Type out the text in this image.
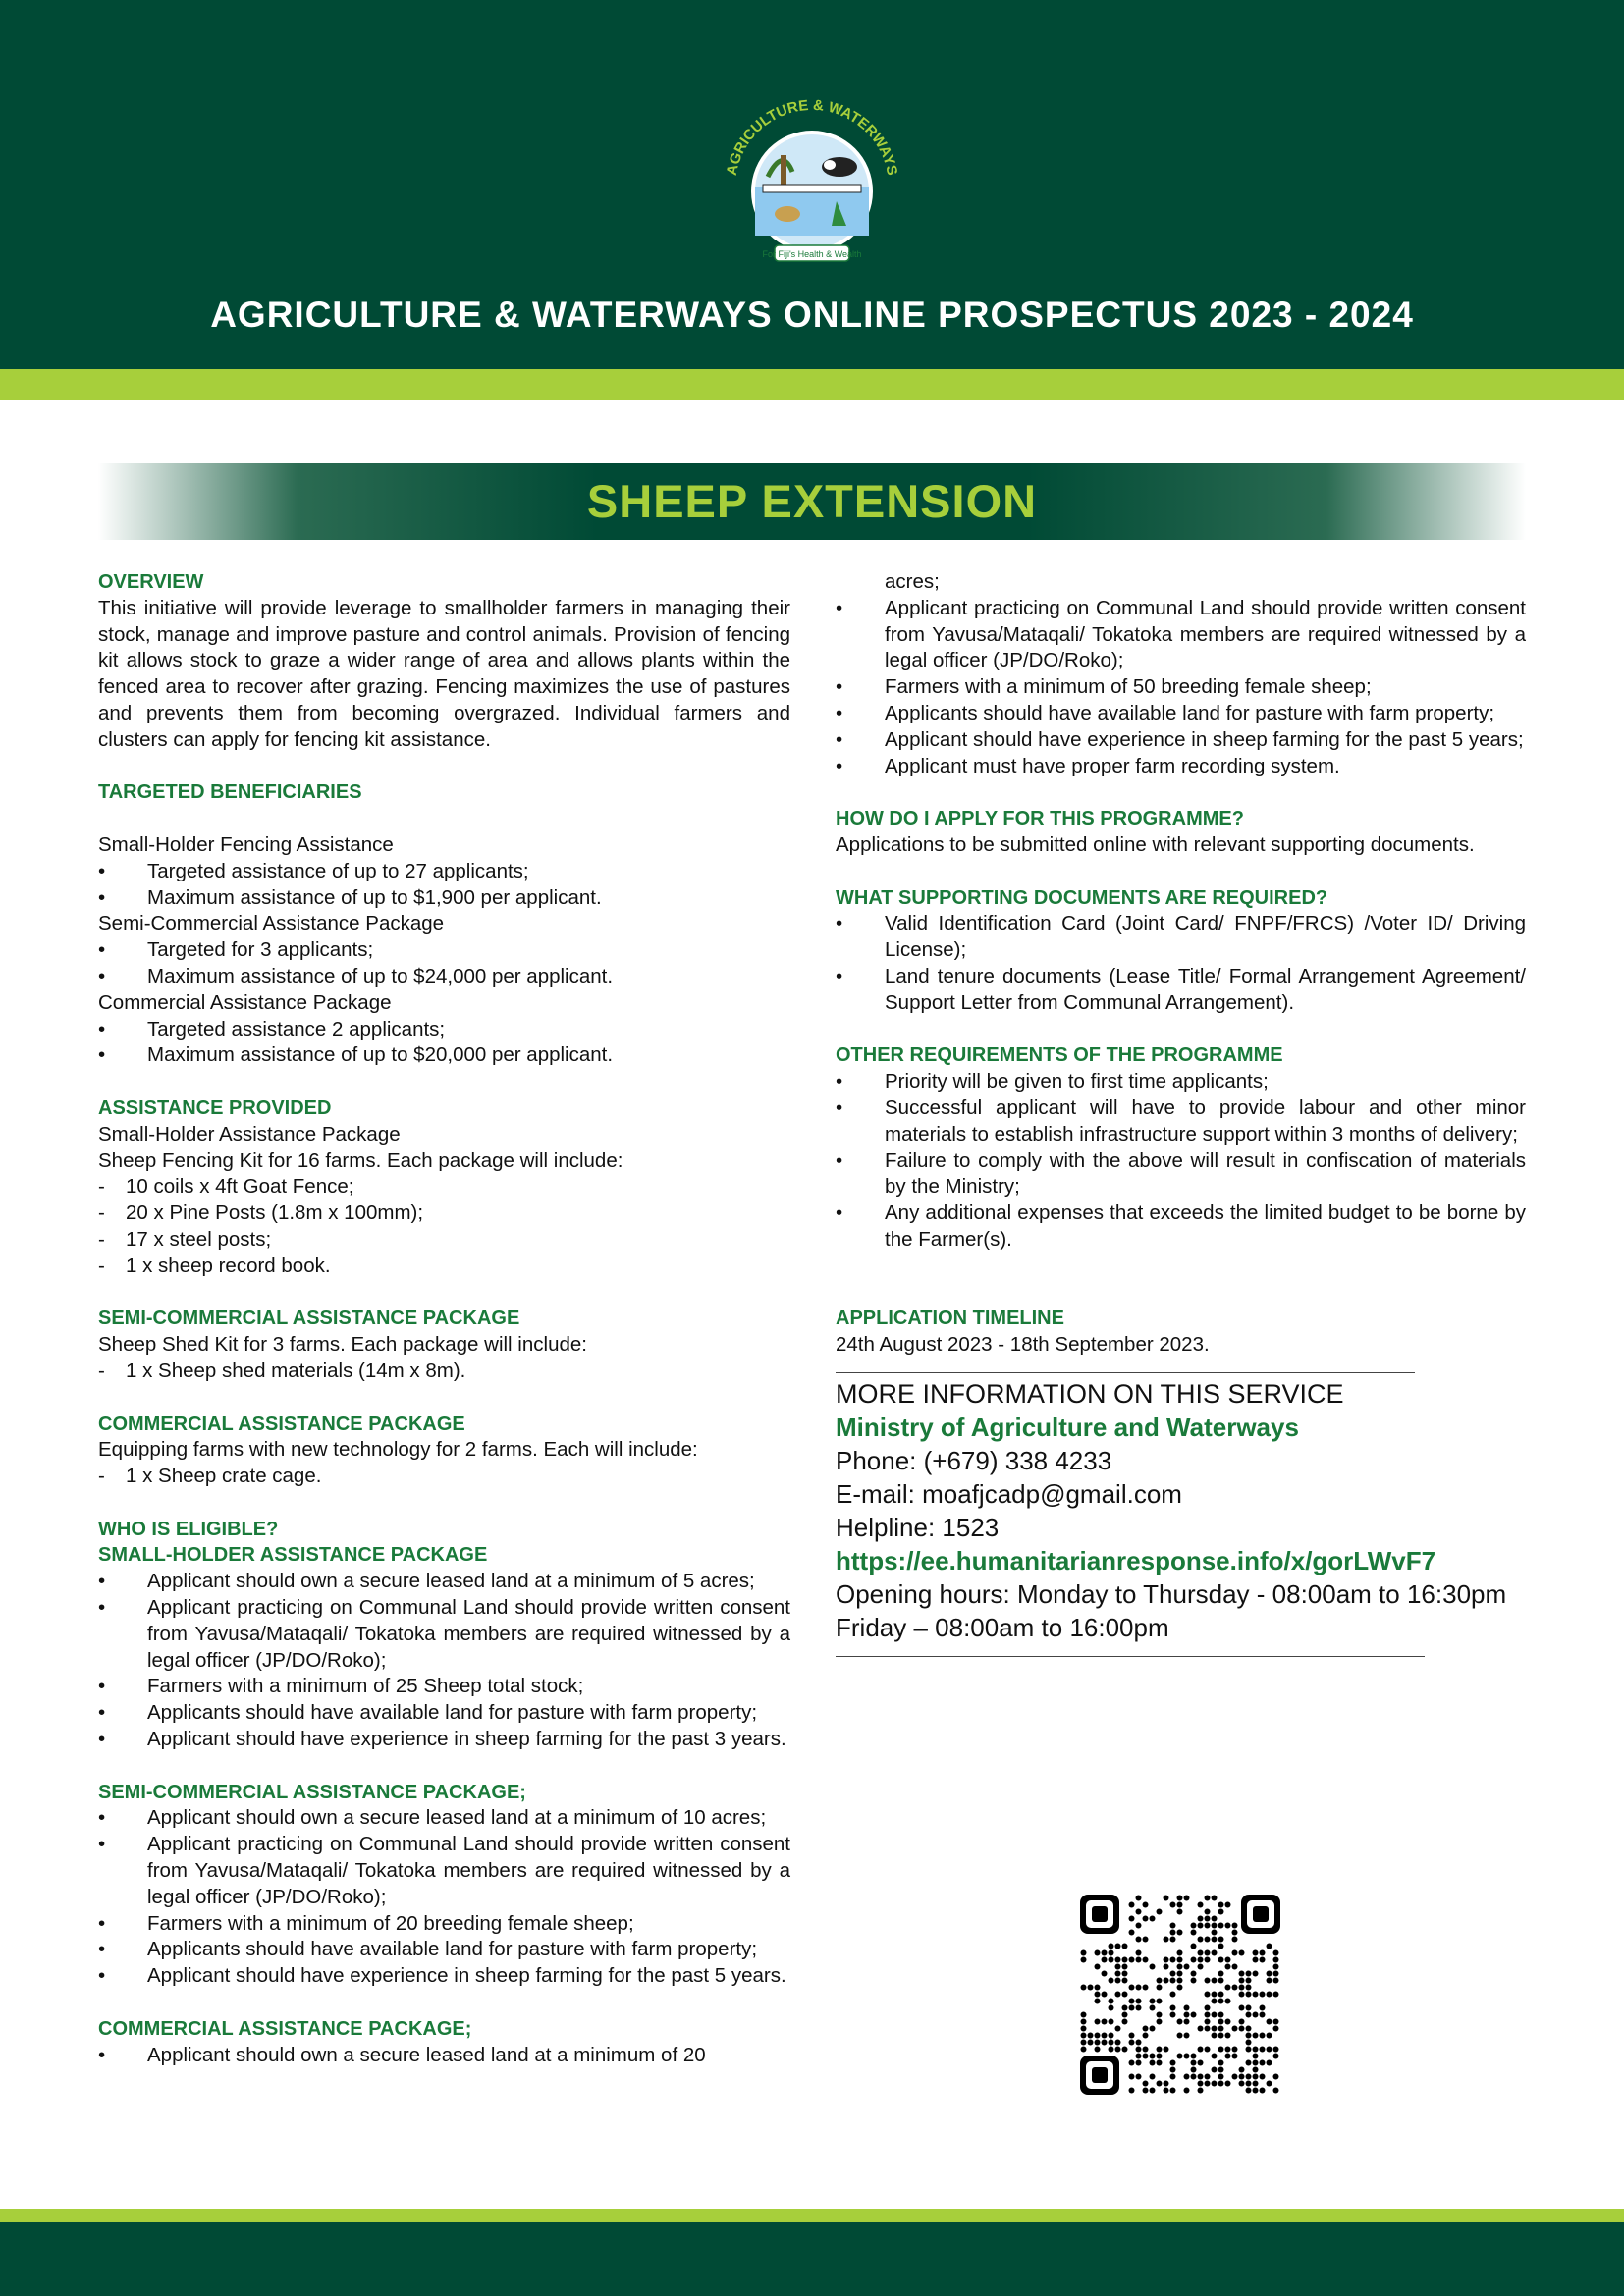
AGRICULTURE & WATERWAYS
For Fiji's Health & Wealth
AGRICULTURE & WATERWAYS ONLINE PROSPECTUS 2023 - 2024
SHEEP EXTENSION
OVERVIEW

This initiative will provide leverage to smallholder farmers in managing their stock, manage and improve pasture and control animals. Provision of fencing kit allows stock to graze a wider range of area and allows plants within the fenced area to recover after grazing. Fencing maximizes the use of pastures and prevents them from becoming overgrazed. Individual farmers and clusters can apply for fencing kit assistance.

TARGETED BENEFICIARIES
Small-Holder Fencing Assistance
• Targeted assistance of up to 27 applicants;
• Maximum assistance of up to $1,900 per applicant.
Semi-Commercial Assistance Package
• Targeted for 3 applicants;
• Maximum assistance of up to $24,000 per applicant.
Commercial Assistance Package
• Targeted assistance 2 applicants;
• Maximum assistance of up to $20,000 per applicant.
ASSISTANCE PROVIDED
Small-Holder Assistance Package
Sheep Fencing Kit for 16 farms. Each package will include:
- 10 coils x 4ft Goat Fence;
- 20 x Pine Posts (1.8m x 100mm);
- 17 x steel posts;
- 1 x sheep record book.
SEMI-COMMERCIAL ASSISTANCE PACKAGE
Sheep Shed Kit for 3 farms. Each package will include:
- 1 x Sheep shed materials (14m x 8m).
COMMERCIAL ASSISTANCE PACKAGE
Equipping farms with new technology for 2 farms. Each will include:
- 1 x Sheep crate cage.
WHO IS ELIGIBLE?
SMALL-HOLDER ASSISTANCE PACKAGE
• Applicant should own a secure leased land at a minimum of 5 acres;
• Applicant practicing on Communal Land should provide written consent from Yavusa/Mataqali/ Tokatoka members are required witnessed by a legal officer (JP/DO/Roko);
• Farmers with a minimum of 25 Sheep total stock;
• Applicants should have available land for pasture with farm property;
• Applicant should have experience in sheep farming for the past 3 years.
SEMI-COMMERCIAL ASSISTANCE PACKAGE;
• Applicant should own a secure leased land at a minimum of 10 acres;
• Applicant practicing on Communal Land should provide written consent from Yavusa/Mataqali/ Tokatoka members are required witnessed by a legal officer (JP/DO/Roko);
• Farmers with a minimum of 20 breeding female sheep;
• Applicants should have available land for pasture with farm property;
• Applicant should have experience in sheep farming for the past 5 years.
COMMERCIAL ASSISTANCE PACKAGE;
• Applicant should own a secure leased land at a minimum of 20
acres;
• Applicant practicing on Communal Land should provide written consent from Yavusa/Mataqali/ Tokatoka members are required witnessed by a legal officer (JP/DO/Roko);
• Farmers with a minimum of 50 breeding female sheep;
• Applicants should have available land for pasture with farm property;
• Applicant should have experience in sheep farming for the past 5 years;
• Applicant must have proper farm recording system.
HOW DO I APPLY FOR THIS PROGRAMME?
Applications to be submitted online with relevant supporting documents.
WHAT SUPPORTING DOCUMENTS ARE REQUIRED?
• Valid Identification Card (Joint Card/ FNPF/FRCS) /Voter ID/ Driving License);
• Land tenure documents (Lease Title/ Formal Arrangement Agreement/ Support Letter from Communal Arrangement).
OTHER REQUIREMENTS OF THE PROGRAMME
• Priority will be given to first time applicants;
• Successful applicant will have to provide labour and other minor materials to establish infrastructure support within 3 months of delivery;
• Failure to comply with the above will result in confiscation of materials by the Ministry;
• Any additional expenses that exceeds the limited budget to be borne by the Farmer(s).
APPLICATION TIMELINE
24th August 2023 - 18th September 2023.
MORE INFORMATION ON THIS SERVICE
Ministry of Agriculture and Waterways
Phone: (+679) 338 4233
E-mail: moafjcadp@gmail.com
Helpline: 1523
https://ee.humanitarianresponse.info/x/gorLWvF7
Opening hours: Monday to Thursday - 08:00am to 16:30pm
Friday – 08:00am to 16:00pm
